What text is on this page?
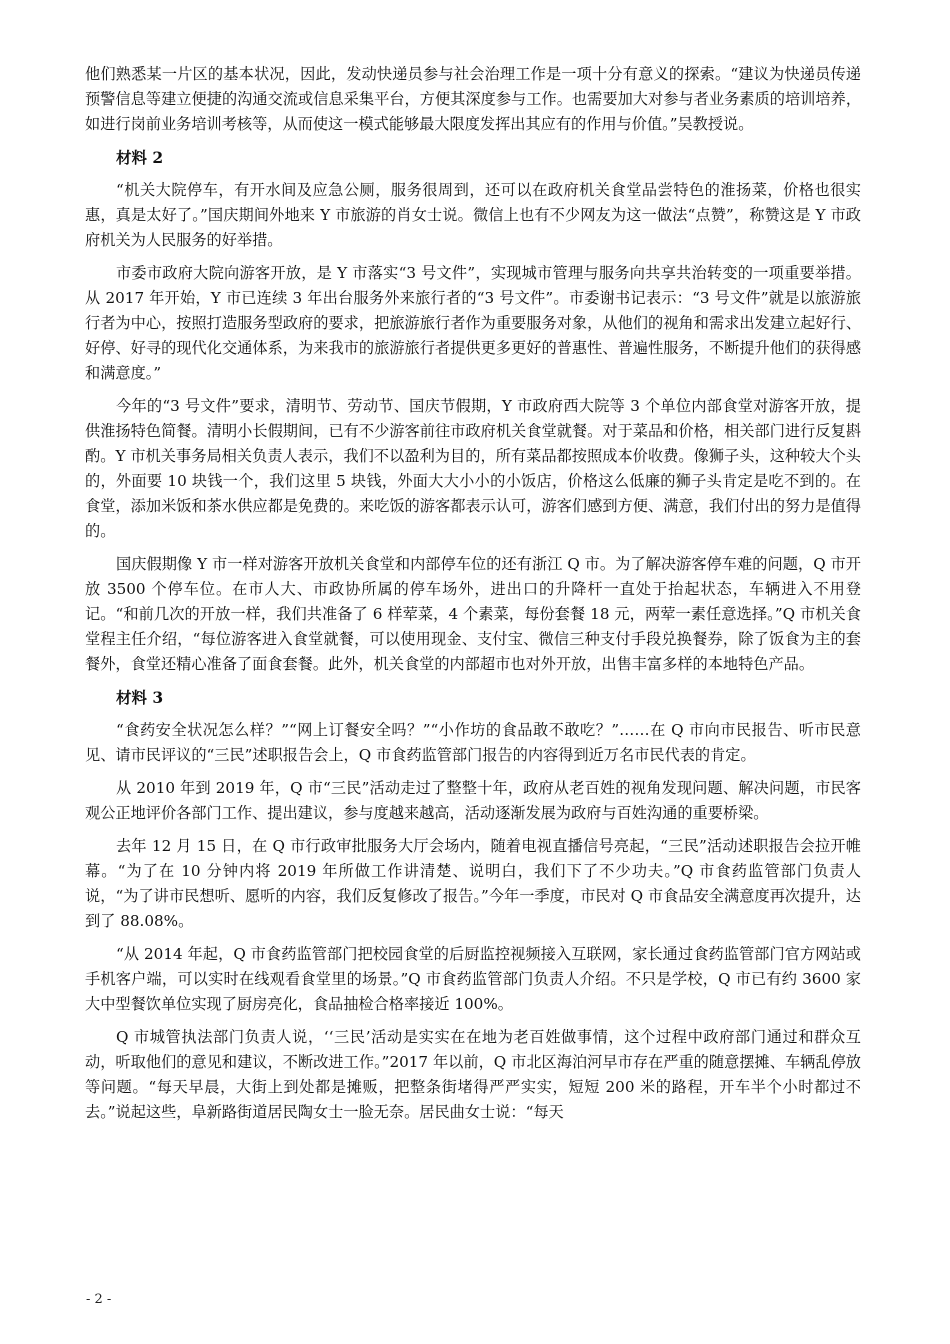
他们熟悉某一片区的基本状况，因此，发动快递员参与社会治理工作是一项十分有意义的探索。“建议为快递员传递预警信息等建立便捷的沟通交流或信息采集平台，方便其深度参与工作。也需要加大对参与者业务素质的培训培养，如进行岗前业务培训考核等，从而使这一模式能够最大限度发挥出其应有的作用与价值。”吴教授说。

材料 2

“机关大院停车，有开水间及应急公厕，服务很周到，还可以在政府机关食堂品尝特色的淮扬菜，价格也很实惠，真是太好了。”国庆期间外地来 Y 市旅游的肖女士说。微信上也有不少网友为这一做法“点赞”，称赞这是 Y 市政府机关为人民服务的好举措。

市委市政府大院向游客开放，是 Y 市落实“3 号文件”，实现城市管理与服务向共享共治转变的一项重要举措。从 2017 年开始，Y 市已连续 3 年出台服务外来旅行者的“3 号文件”。市委谢书记表示：“3 号文件”就是以旅游旅行者为中心，按照打造服务型政府的要求，把旅游旅行者作为重要服务对象，从他们的视角和需求出发建立起好行、好停、好寻的现代化交通体系，为来我市的旅游旅行者提供更多更好的普惠性、普遍性服务，不断提升他们的获得感和满意度。”

今年的“3 号文件”要求，清明节、劳动节、国庆节假期，Y 市政府西大院等 3 个单位内部食堂对游客开放，提供淮扬特色简餐。清明小长假期间，已有不少游客前往市政府机关食堂就餐。对于菜品和价格，相关部门进行反复斟酌。Y 市机关事务局相关负责人表示，我们不以盈利为目的，所有菜品都按照成本价收费。像狮子头，这种较大个头的，外面要 10 块钱一个，我们这里 5 块钱，外面大大小小的小饭店，价格这么低廉的狮子头肯定是吃不到的。在食堂，添加米饭和茶水供应都是免费的。来吃饭的游客都表示认可，游客们感到方便、满意，我们付出的努力是值得的。

国庆假期像 Y 市一样对游客开放机关食堂和内部停车位的还有浙江 Q 市。为了解决游客停车难的问题，Q 市开放 3500 个停车位。在市人大、市政协所属的停车场外，进出口的升降杆一直处于抬起状态，车辆进入不用登记。“和前几次的开放一样，我们共准备了 6 样荤菜，4 个素菜，每份套餐 18 元，两荤一素任意选择。”Q 市机关食堂程主任介绍，“每位游客进入食堂就餐，可以使用现金、支付宝、微信三种支付手段兑换餐券，除了饭食为主的套餐外，食堂还精心准备了面食套餐。此外，机关食堂的内部超市也对外开放，出售丰富多样的本地特色产品。

材料 3

“食药安全状况怎么样？”“网上订餐安全吗？”“小作坊的食品敢不敢吃？”……在 Q 市向市民报告、听市民意见、请市民评议的“三民”述职报告会上，Q 市食药监管部门报告的内容得到近万名市民代表的肯定。

从 2010 年到 2019 年，Q 市“三民”活动走过了整整十年，政府从老百姓的视角发现问题、解决问题，市民客观公正地评价各部门工作、提出建议，参与度越来越高，活动逐渐发展为政府与百姓沟通的重要桥梁。

去年 12 月 15 日，在 Q 市行政审批服务大厅会场内，随着电视直播信号亮起，“三民”活动述职报告会拉开帷幕。“为了在 10 分钟内将 2019 年所做工作讲清楚、说明白，我们下了不少功夫。”Q 市食药监管部门负责人说，“为了讲市民想听、愿听的内容，我们反复修改了报告。”今年一季度，市民对 Q 市食品安全满意度再次提升，达到了 88.08%。

“从 2014 年起，Q 市食药监管部门把校园食堂的后厨监控视频接入互联网，家长通过食药监管部门官方网站或手机客户端，可以实时在线观看食堂里的场景。”Q 市食药监管部门负责人介绍。不只是学校，Q 市已有约 3600 家大中型餐饮单位实现了厨房亮化，食品抽检合格率接近 100%。

Q 市城管执法部门负责人说，‘‘三民’活动是实实在在地为老百姓做事情，这个过程中政府部门通过和群众互动，听取他们的意见和建议，不断改进工作。”2017 年以前，Q 市北区海泊河早市存在严重的随意摆摊、车辆乱停放等问题。“每天早晨，大街上到处都是摊贩，把整条街堵得严严实实，短短 200 米的路程，开车半个小时都过不去。”说起这些，阜新路街道居民陶女士一脸无奈。居民曲女士说：“每天

- 2 -
